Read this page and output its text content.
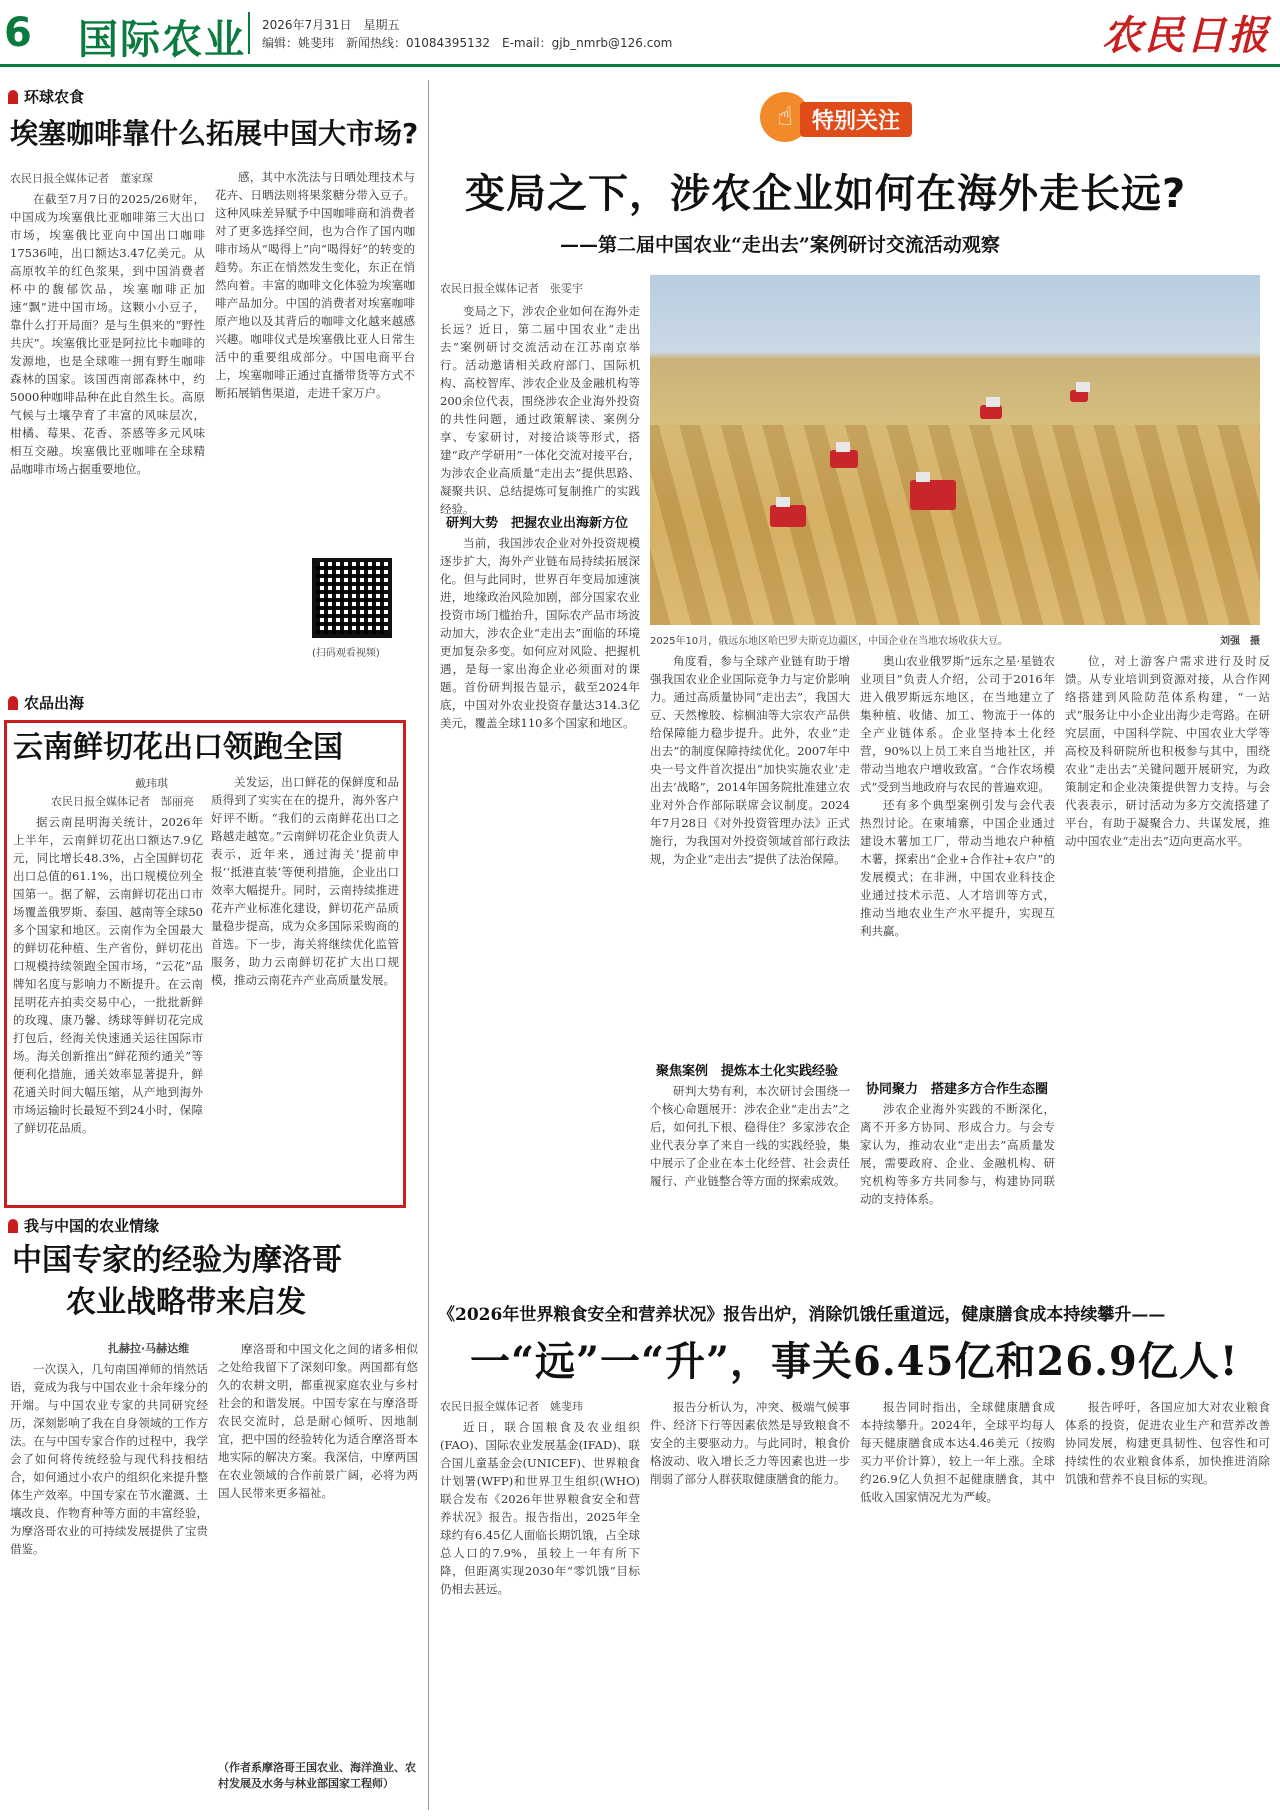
6 国际农业 2026年7月31日　星期五
编辑：姚斐玮　新闻热线：01084395132　E-mail：gjb_nmrb@126.com	农民日报
环球农食
埃塞咖啡靠什么拓展中国大市场?
农民日报全媒体记者　董家琛

在截至7月7日的2025/26财年，中国成为埃塞俄比亚咖啡第三大出口市场，埃塞俄比亚向中国出口咖啡17536吨，出口额达3.47亿美元。从高原牧羊的红色浆果，到中国消费者杯中的馥郁饮品，埃塞咖啡正加速“飘”进中国市场。这颗小小豆子，靠什么打开局面？是与生俱来的“野性共庆”。埃塞俄比亚是阿拉比卡咖啡的发源地，也是全球唯一拥有野生咖啡森林的国家。该国西南部森林中，约5000种咖啡品种在此自然生长。高原气候与土壤孕育了丰富的风味层次，柑橘、莓果、花香、茶感等多元风味相互交融。埃塞俄比亚咖啡在全球精品咖啡市场占据重要地位。

感，其中水洗法与日晒处理技术与花卉、日晒法则将果浆糖分带入豆子。这种风味差异赋予中国咖啡商和消费者对了更多选择空间，也为合作了国内咖啡市场从“喝得上”向“喝得好”的转变的趋势。东正在悄然发生变化，东正在悄然向着。丰富的咖啡文化体验为埃塞咖啡产品加分。中国的消费者对埃塞咖啡原产地以及其背后的咖啡文化越来越感兴趣。咖啡仪式是埃塞俄比亚人日常生活中的重要组成部分。中国电商平台上，埃塞咖啡正通过直播带货等方式不断拓展销售渠道，走进千家万户。

(扫码观看视频)
农品出海
云南鲜切花出口领跑全国
戴玮琪
农民日报全媒体记者　郜丽亮

据云南昆明海关统计，2026年上半年，云南鲜切花出口额达7.9亿元，同比增长48.3%，占全国鲜切花出口总值的61.1%，出口规模位列全国第一。据了解，云南鲜切花出口市场覆盖俄罗斯、泰国、越南等全球50多个国家和地区。云南作为全国最大的鲜切花种植、生产省份，鲜切花出口规模持续领跑全国市场，“云花”品牌知名度与影响力不断提升。在云南昆明花卉拍卖交易中心，一批批新鲜的玫瑰、康乃馨、绣球等鲜切花完成打包后，经海关快速通关运往国际市场。海关创新推出“鲜花预约通关”等便利化措施，通关效率显著提升，鲜花通关时间大幅压缩，从产地到海外市场运输时长最短不到24小时，保障了鲜切花品质。

关发运，出口鲜花的保鲜度和品质得到了实实在在的提升，海外客户好评不断。“我们的云南鲜花出口之路越走越宽。”云南鲜切花企业负责人表示，近年来，通过海关‘提前申报’‘抵港直装’等便利措施，企业出口效率大幅提升。同时，云南持续推进花卉产业标准化建设，鲜切花产品质量稳步提高，成为众多国际采购商的首选。下一步，海关将继续优化监管服务，助力云南鲜切花扩大出口规模，推动云南花卉产业高质量发展。

我与中国的农业情缘
中国专家的经验为摩洛哥
农业战略带来启发
扎赫拉·马赫达维

一次误入，几句南国禅师的悄然话语，竟成为我与中国农业十余年缘分的开端。与中国农业专家的共同研究经历，深刻影响了我在自身领域的工作方法。在与中国专家合作的过程中，我学会了如何将传统经验与现代科技相结合，如何通过小农户的组织化来提升整体生产效率。中国专家在节水灌溉、土壤改良、作物育种等方面的丰富经验，为摩洛哥农业的可持续发展提供了宝贵借鉴。

摩洛哥和中国文化之间的诸多相似之处给我留下了深刻印象。两国都有悠久的农耕文明，都重视家庭农业与乡村社会的和谐发展。中国专家在与摩洛哥农民交流时，总是耐心倾听、因地制宜，把中国的经验转化为适合摩洛哥本地实际的解决方案。我深信，中摩两国在农业领域的合作前景广阔，必将为两国人民带来更多福祉。

（作者系摩洛哥王国农业、海洋渔业、农村发展及水务与林业部国家工程师）
☝ 特别关注
变局之下，涉农企业如何在海外走长远?
——第二届中国农业“走出去”案例研讨交流活动观察
农民日报全媒体记者　张雯宇

变局之下，涉农企业如何在海外走长远？近日，第二届中国农业“走出去”案例研讨交流活动在江苏南京举行。活动邀请相关政府部门、国际机构、高校智库、涉农企业及金融机构等200余位代表，围绕涉农企业海外投资的共性问题，通过政策解读、案例分享、专家研讨，对接洽谈等形式，搭建“政产学研用”一体化交流对接平台，为涉农企业高质量“走出去”提供思路、凝聚共识、总结提炼可复制推广的实践经验。

研判大势　把握农业出海新方位

当前，我国涉农企业对外投资规模逐步扩大，海外产业链布局持续拓展深化。但与此同时，世界百年变局加速演进，地缘政治风险加剧，部分国家农业投资市场门槛抬升，国际农产品市场波动加大，涉农企业“走出去”面临的环境更加复杂多变。如何应对风险、把握机遇，是每一家出海企业必须面对的课题。首份研判报告显示，截至2024年底，中国对外农业投资存量达314.3亿美元，覆盖全球110多个国家和地区。

2025年10月，俄远东地区哈巴罗夫斯克边疆区，中国企业在当地农场收获大豆。	刘强　摄

角度看，参与全球产业链有助于增强我国农业企业国际竞争力与定价影响力。通过高质量协同“走出去”，我国大豆、天然橡胶、棕榈油等大宗农产品供给保障能力稳步提升。此外，农业“走出去”的制度保障持续优化。2007年中央一号文件首次提出“加快实施农业‘走出去’战略”，2014年国务院批准建立农业对外合作部际联席会议制度。2024年7月28日《对外投资管理办法》正式施行，为我国对外投资领域首部行政法规，为企业“走出去”提供了法治保障。

聚焦案例　提炼本土化实践经验

研判大势有利，本次研讨会围绕一个核心命题展开：涉农企业“走出去”之后，如何扎下根、稳得住？多家涉农企业代表分享了来自一线的实践经验，集中展示了企业在本土化经营、社会责任履行、产业链整合等方面的探索成效。

奥山农业俄罗斯“远东之星·星链农业项目”负责人介绍，公司于2016年进入俄罗斯远东地区，在当地建立了集种植、收储、加工、物流于一体的全产业链体系。企业坚持本土化经营，90%以上员工来自当地社区，并带动当地农户增收致富。“合作农场模式”受到当地政府与农民的普遍欢迎。

还有多个典型案例引发与会代表热烈讨论。在柬埔寨，中国企业通过建设木薯加工厂，带动当地农户种植木薯，探索出“企业+合作社+农户”的发展模式；在非洲，中国农业科技企业通过技术示范、人才培训等方式，推动当地农业生产水平提升，实现互利共赢。

协同聚力　搭建多方合作生态圈

涉农企业海外实践的不断深化，离不开多方协同、形成合力。与会专家认为，推动农业“走出去”高质量发展，需要政府、企业、金融机构、研究机构等多方共同参与，构建协同联动的支持体系。

位，对上游客户需求进行及时反馈。从专业培训到资源对接，从合作网络搭建到风险防范体系构建，“一站式”服务让中小企业出海少走弯路。在研究层面，中国科学院、中国农业大学等高校及科研院所也积极参与其中，围绕农业“走出去”关键问题开展研究，为政策制定和企业决策提供智力支持。与会代表表示，研讨活动为多方交流搭建了平台，有助于凝聚合力、共谋发展，推动中国农业“走出去”迈向更高水平。

《2026年世界粮食安全和营养状况》报告出炉，消除饥饿任重道远，健康膳食成本持续攀升——
一“远”一“升”，事关6.45亿和26.9亿人!
农民日报全媒体记者　姚斐玮

近日，联合国粮食及农业组织(FAO)、国际农业发展基金(IFAD)、联合国儿童基金会(UNICEF)、世界粮食计划署(WFP)和世界卫生组织(WHO)联合发布《2026年世界粮食安全和营养状况》报告。报告指出，2025年全球约有6.45亿人面临长期饥饿，占全球总人口的7.9%，虽较上一年有所下降，但距离实现2030年“零饥饿”目标仍相去甚远。

报告分析认为，冲突、极端气候事件、经济下行等因素依然是导致粮食不安全的主要驱动力。与此同时，粮食价格波动、收入增长乏力等因素也进一步削弱了部分人群获取健康膳食的能力。

报告同时指出，全球健康膳食成本持续攀升。2024年，全球平均每人每天健康膳食成本达4.46美元（按购买力平价计算），较上一年上涨。全球约26.9亿人负担不起健康膳食，其中低收入国家情况尤为严峻。

报告呼吁，各国应加大对农业粮食体系的投资，促进农业生产和营养改善协同发展，构建更具韧性、包容性和可持续性的农业粮食体系，加快推进消除饥饿和营养不良目标的实现。
